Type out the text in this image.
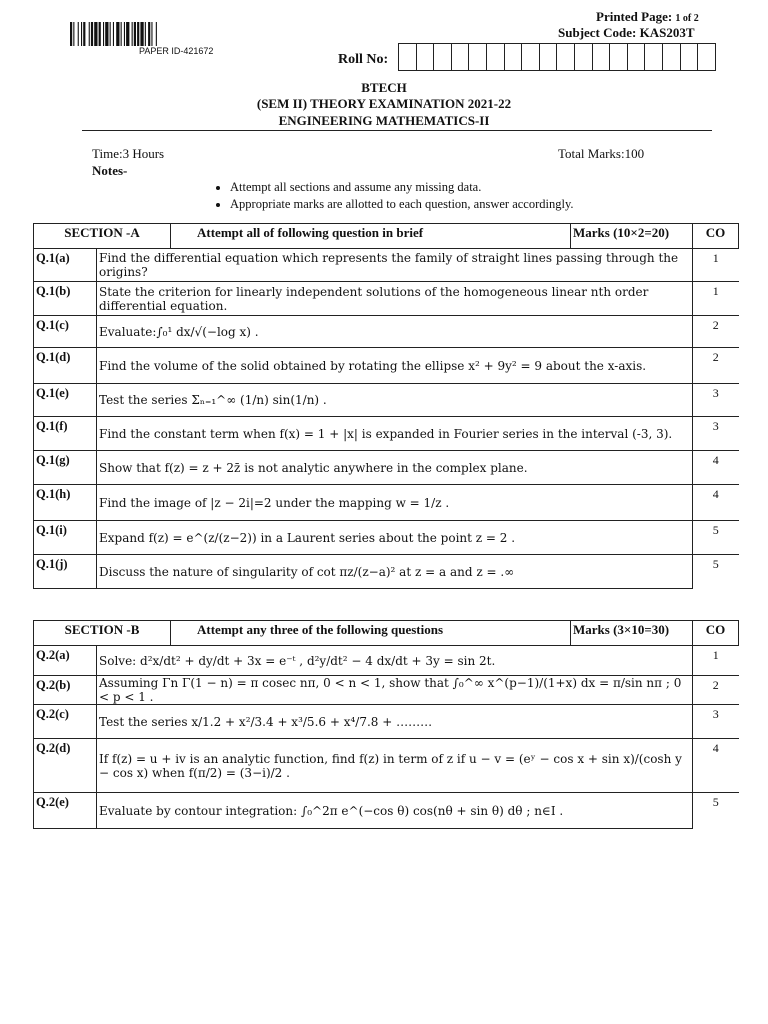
PAPER ID-421672
Printed Page: 1 of 2
Subject Code: KAS203T
Roll No:
BTECH
(SEM II) THEORY EXAMINATION 2021-22
ENGINEERING MATHEMATICS-II
Time:3 Hours	Total Marks:100
Notes-
• Attempt all sections and assume any missing data.
• Appropriate marks are allotted to each question, answer accordingly.
SECTION -A		Attempt all of following question in brief	Marks (10×2=20)	CO
Q.1(a)	Find the differential equation which represents the family of straight lines passing through the origins?			1
Q.1(b)	State the criterion for linearly independent solutions of the homogeneous linear nth order differential equation.			1
Q.1(c)	Evaluate:∫₀¹ dx/√(−log x) .			2
Q.1(d)	Find the volume of the solid obtained by rotating the ellipse x² + 9y² = 9 about the x-axis.			2
Q.1(e)	Test the series Σₙ₌₁^∞ (1/n) sin(1/n) .			3
Q.1(f)	Find the constant term when f(x) = 1 + |x| is expanded in Fourier series in the interval (-3, 3).			3
Q.1(g)	Show that f(z) = z + 2z̄ is not analytic anywhere in the complex plane.			4
Q.1(h)	Find the image of |z − 2i|=2 under the mapping w = 1/z .			4
Q.1(i)	Expand f(z) = e^(z/(z−2)) in a Laurent series about the point z = 2 .			5
Q.1(j)	Discuss the nature of singularity of cot πz/(z−a)² at z = a and z = .∞			5
SECTION -B		Attempt any three of the following questions	Marks (3×10=30)	CO
Q.2(a)	Solve: d²x/dt² + dy/dt + 3x = e⁻ᵗ , d²y/dt² − 4 dx/dt + 3y = sin 2t.			1
Q.2(b)	Assuming Γn Γ(1 − n) = π cosec nπ, 0 < n < 1, show that ∫₀^∞ x^(p−1)/(1+x) dx = π/sin nπ ; 0 < p < 1 .			2
Q.2(c)	Test the series x/1.2 + x²/3.4 + x³/5.6 + x⁴/7.8 + ………			3
Q.2(d)	If f(z) = u + iv is an analytic function, find f(z) in term of z if u − v = (eʸ − cos x + sin x)/(cosh y − cos x) when f(π/2) = (3−i)/2 .			4
Q.2(e)	Evaluate by contour integration: ∫₀^2π e^(−cos θ) cos(nθ + sin θ) dθ ; n∈I .			5
